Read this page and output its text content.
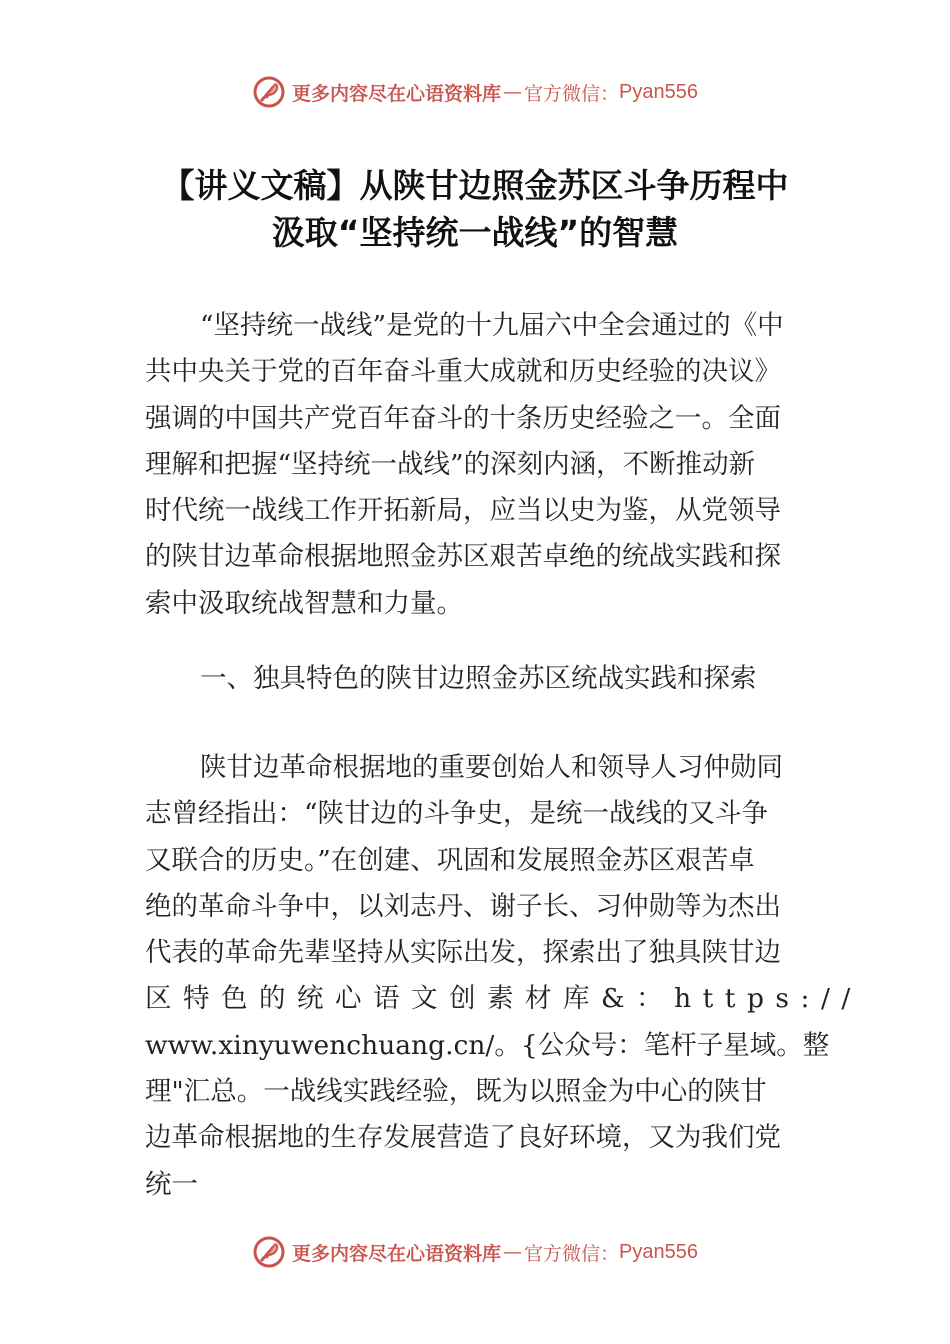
更多内容尽在心语资料库 — 官方微信： Pyan556
【讲义文稿】从陕甘边照金苏区斗争历程中
汲取“坚持统一战线”的智慧
“坚持统一战线”是党的十九届六中全会通过的《中
共中央关于党的百年奋斗重大成就和历史经验的决议》
强调的中国共产党百年奋斗的十条历史经验之一。全面
理解和把握“坚持统一战线”的深刻内涵，不断推动新
时代统一战线工作开拓新局，应当以史为鉴，从党领导
的陕甘边革命根据地照金苏区艰苦卓绝的统战实践和探
索中汲取统战智慧和力量。
一、独具特色的陕甘边照金苏区统战实践和探索
陕甘边革命根据地的重要创始人和领导人习仲勋同
志曾经指出：“陕甘边的斗争史，是统一战线的又斗争
又联合的历史。”在创建、巩固和发展照金苏区艰苦卓
绝的革命斗争中，以刘志丹、谢子长、习仲勋等为杰出
代表的革命先辈坚持从实际出发，探索出了独具陕甘边
区特色的统心语文创素材库&：https://
www.xinyuwenchuang.cn/。{公众号：笔杆子星域。整
理"汇总。一战线实践经验，既为以照金为中心的陕甘
边革命根据地的生存发展营造了良好环境，又为我们党
统一
更多内容尽在心语资料库 — 官方微信： Pyan556
